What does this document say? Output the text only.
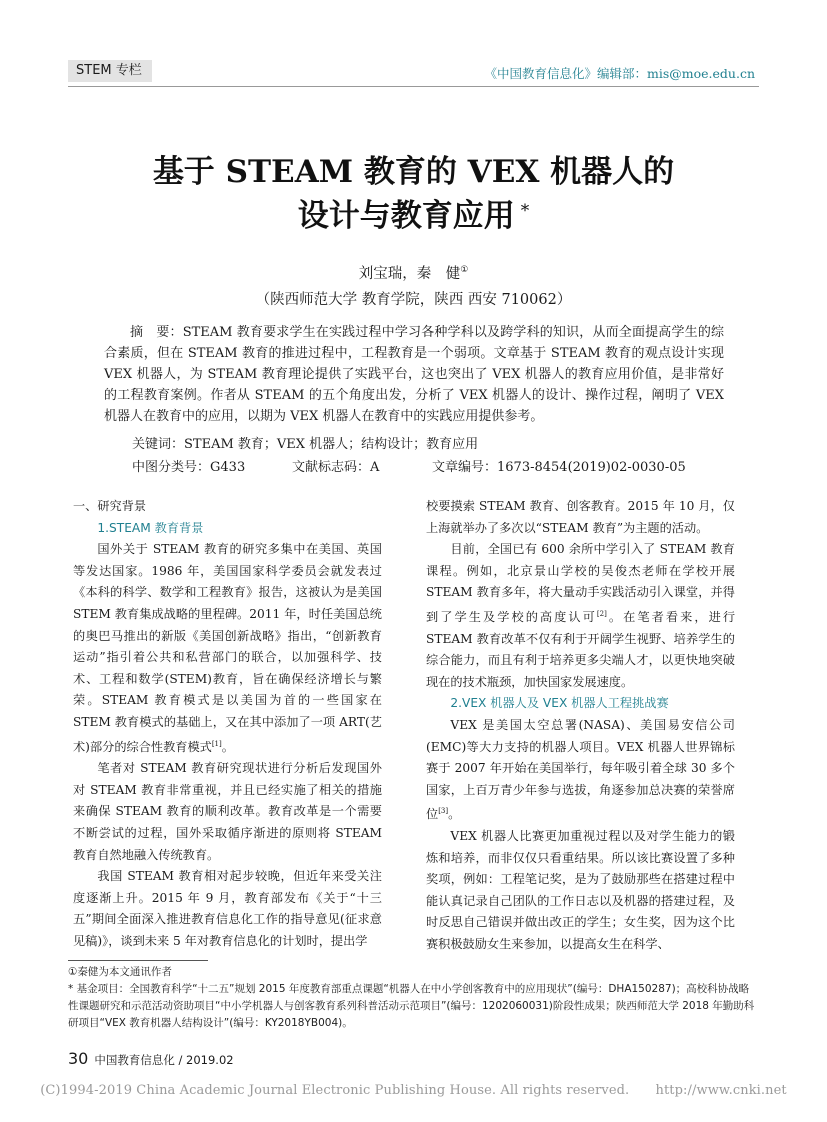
STEM 专栏	《中国教育信息化》编辑部：mis@moe.edu.cn
基于 STEAM 教育的 VEX 机器人的
设计与教育应用 *
刘宝瑞，秦　健①
（陕西师范大学 教育学院，陕西 西安 710062）
摘　要：STEAM 教育要求学生在实践过程中学习各种学科以及跨学科的知识，从而全面提高学生的综合素质，但在 STEAM 教育的推进过程中，工程教育是一个弱项。文章基于 STEAM 教育的观点设计实现 VEX 机器人，为 STEAM 教育理论提供了实践平台，这也突出了 VEX 机器人的教育应用价值，是非常好的工程教育案例。作者从 STEAM 的五个角度出发，分析了 VEX 机器人的设计、操作过程，阐明了 VEX 机器人在教育中的应用，以期为 VEX 机器人在教育中的实践应用提供参考。
关键词：STEAM 教育；VEX 机器人；结构设计；教育应用
中图分类号：G433	文献标志码：A	文章编号：1673-8454(2019)02-0030-05

一、研究背景

1.STEAM 教育背景

国外关于 STEAM 教育的研究多集中在美国、英国等发达国家。1986 年，美国国家科学委员会就发表过《本科的科学、数学和工程教育》报告，这被认为是美国 STEM 教育集成战略的里程碑。2011 年，时任美国总统的奥巴马推出的新版《美国创新战略》指出，“创新教育运动”指引着公共和私营部门的联合，以加强科学、技术、工程和数学(STEM)教育，旨在确保经济增长与繁荣。STEAM 教育模式是以美国为首的一些国家在 STEM 教育模式的基础上，又在其中添加了一项 ART(艺术)部分的综合性教育模式[1]。

笔者对 STEAM 教育研究现状进行分析后发现国外对 STEAM 教育非常重视，并且已经实施了相关的措施来确保 STEAM 教育的顺利改革。教育改革是一个需要不断尝试的过程，国外采取循序渐进的原则将 STEAM 教育自然地融入传统教育。

我国 STEAM 教育相对起步较晚，但近年来受关注度逐渐上升。2015 年 9 月，教育部发布《关于“十三五”期间全面深入推进教育信息化工作的指导意见(征求意见稿)》，谈到未来 5 年对教育信息化的计划时，提出学

校要摸索 STEAM 教育、创客教育。2015 年 10 月，仅上海就举办了多次以“STEAM 教育”为主题的活动。

目前，全国已有 600 余所中学引入了 STEAM 教育课程。例如，北京景山学校的吴俊杰老师在学校开展 STEAM 教育多年，将大量动手实践活动引入课堂，并得到了学生及学校的高度认可[2]。在笔者看来，进行 STEAM 教育改革不仅有利于开阔学生视野、培养学生的综合能力，而且有利于培养更多尖端人才，以更快地突破现在的技术瓶颈，加快国家发展速度。

2.VEX 机器人及 VEX 机器人工程挑战赛

VEX 是美国太空总署(NASA)、美国易安信公司(EMC)等大力支持的机器人项目。VEX 机器人世界锦标赛于 2007 年开始在美国举行，每年吸引着全球 30 多个国家，上百万青少年参与选拔，角逐参加总决赛的荣誉席位[3]。

VEX 机器人比赛更加重视过程以及对学生能力的锻炼和培养，而非仅仅只看重结果。所以该比赛设置了多种奖项，例如：工程笔记奖，是为了鼓励那些在搭建过程中能认真记录自己团队的工作日志以及机器的搭建过程，及时反思自己错误并做出改正的学生；女生奖，因为这个比赛积极鼓励女生来参加，以提高女生在科学、

①秦健为本文通讯作者
* 基金项目：全国教育科学“十二五”规划 2015 年度教育部重点课题“机器人在中小学创客教育中的应用现状”(编号：DHA150287)；高校科协战略性课题研究和示范活动资助项目“中小学机器人与创客教育系列科普活动示范项目”(编号：1202060031)阶段性成果；陕西师范大学 2018 年勤助科研项目“VEX 教育机器人结构设计”(编号：KY2018YB004)。
30 中国教育信息化 / 2019.02
(C)1994-2019 China Academic Journal Electronic Publishing House. All rights reserved.　　http://www.cnki.net
